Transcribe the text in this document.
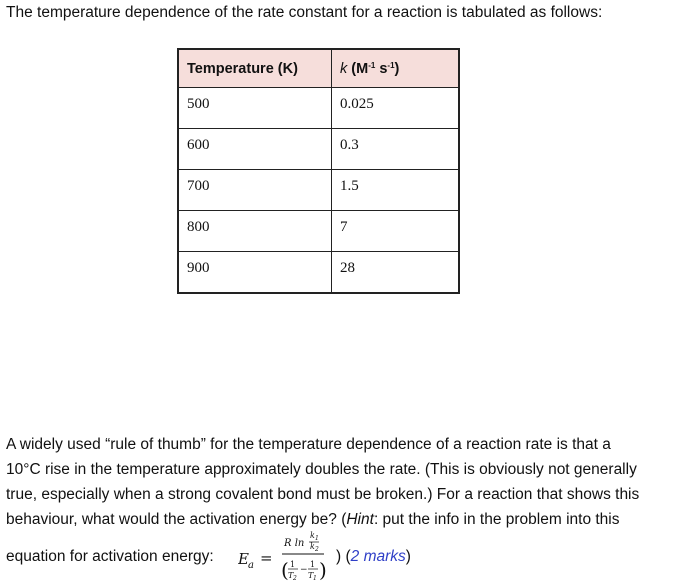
The temperature dependence of the rate constant for a reaction is tabulated as follows:
Temperature (K)	k ($M^{-1}$ $s^{-1}$)
500	0.025
600	0.3
700	1.5
800	7
900	28
A widely used “rule of thumb” for the temperature dependence of a reaction rate is that a
10°C rise in the temperature approximately doubles the rate. (This is obviously not generally
true, especially when a strong covalent bond must be broken.) For a reaction that shows this
behaviour, what would the activation energy be? (Hint: put the info in the problem into this
equation for activation energy: E a =
R ln
k 1
k 2
( 1
T 2
−
1
T 1 )
) (2 marks)
